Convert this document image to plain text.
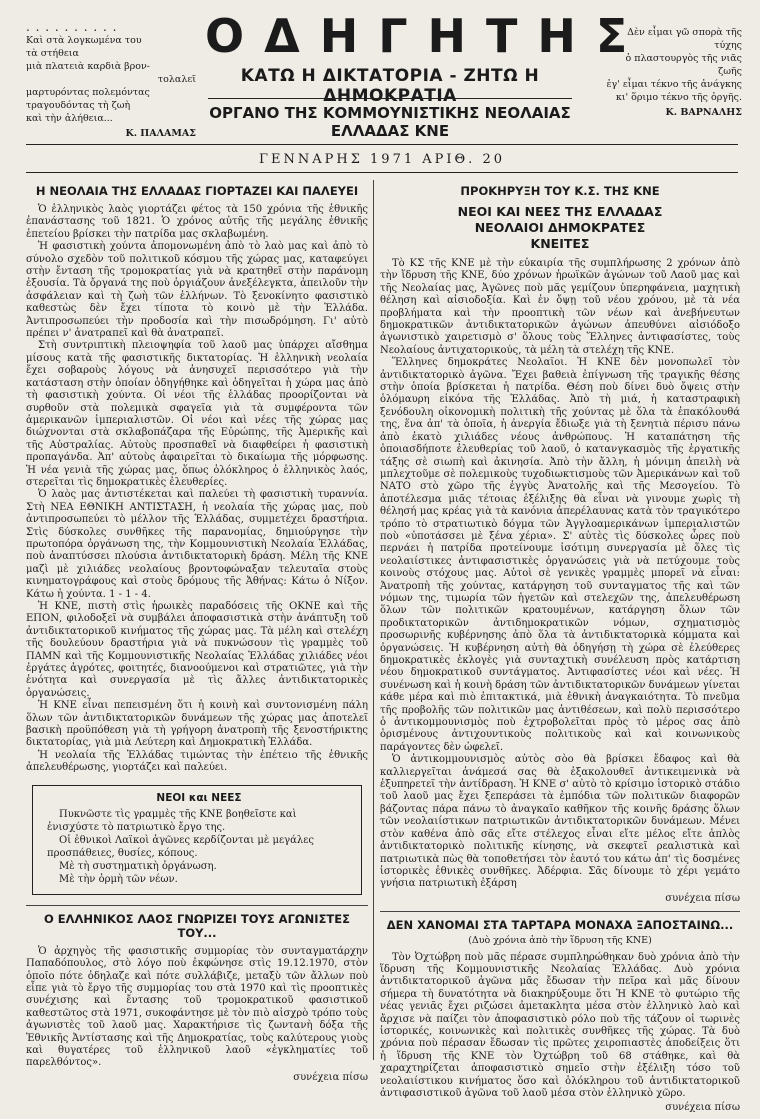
. . . . . . . . . .
Καὶ στὰ λογκωμένα του
τὰ στήθεια
μιὰ πλατειὰ καρδιὰ βρον-
τολαλεῖ
μαρτυρόντας πολεμόντας
τραγουδόντας τὴ ζωὴ
καὶ τὴν ἀλήθεια...
Κ. ΠΑΛΑΜΑΣ
ΟΔΗΓΗΤΗΣ
ΚΑΤΩ Η ΔΙΚΤΑΤΟΡΙΑ - ΖΗΤΩ Η ΔΗΜΟΚΡΑΤΙΑ
ΟΡΓΑΝΟ ΤΗΣ ΚΟΜΜΟΥΝΙΣΤΙΚΗΣ ΝΕΟΛΑΙΑΣ ΕΛΛΑΔΑΣ ΚΝΕ
Δὲν εἶμαι γῶ σπορὰ τῆς
τύχης
ὁ πλαστουργὸς τῆς νιᾶς
ζωῆς
ἐγ' εἶμαι τέκνο τῆς ἀνάγκης
κι' ὅριμο τέκνο τῆς ὀργῆς.
Κ. ΒΑΡΝΑΛΗΣ
ΓΕΝΝΑΡΗΣ 1971 ΑΡΙΘ. 20
Η ΝΕΟΛΑΙΑ ΤΗΣ ΕΛΛΑΔΑΣ ΓΙΟΡΤΑΖΕΙ ΚΑΙ ΠΑΛΕΥΕΙ

Ὁ ἑλληνικὸς λαὸς γιορτάζει φέτος τὰ 150 χρόνια τῆς ἐθνικῆς ἐπανάστασης τοῦ 1821. Ὁ χρόνος αὐτῆς τῆς μεγάλης ἐθνικῆς ἐπετείου βρίσκει τὴν πατρίδα μας σκλαβωμένη.

Ἡ φασιστικὴ χούντα ἀπομονωμένη ἀπὸ τὸ λαὸ μας καὶ ἀπὸ τὸ σύνολο σχεδὸν τοῦ πολιτικοῦ κόσμου τῆς χώρας μας, καταφεύγει στὴν ἔνταση τῆς τρομοκρατίας γιὰ νὰ κρατηθεῖ στὴν παράνομη ἐξουσία. Τὰ ὄργανά της ποὺ ὀργιάζουν ἀνεξέλεγκτα, ἀπειλοῦν τὴν ἀσφάλειαν καὶ τὴ ζωὴ τῶν ἑλλήνων. Τὸ ξενοκίνητο φασιστικὸ καθεστὼς δὲν ἔχει τίποτα τὸ κοινὸ μὲ τὴν Ἑλλάδα. Ἀντιπροσωπεύει τὴν προδοσία καὶ τὴν πισωδρόμηση. Γι' αὐτὸ πρέπει ν' ἀνατραπεῖ καὶ θὰ ἀνατραπεῖ.

Στὴ συντριπτικὴ πλειοψηφία τοῦ λαοῦ μας ὑπάρχει αἴσθημα μίσους κατὰ τῆς φασιστικῆς δικτατορίας. Ἡ ἑλληνικὴ νεολαία ἔχει σοβαροὺς λόγους νὰ ἀνησυχεῖ περισσότερο γιὰ τὴν κατάσταση στὴν ὁποίαν ὁδηγήθηκε καὶ ὁδηγεῖται ἡ χώρα μας ἀπὸ τὴ φασιστικὴ χούντα. Οἱ νέοι τῆς ἑλλάδας προορίζονται νὰ συρθοῦν στὰ πολεμικὰ σφαγεῖα γιὰ τὰ συμφέροντα τῶν ἀμερικανῶν ἰμπεριαλιστῶν. Οἱ νέοι καὶ νέες τῆς χώρας μας διώχνονται στὰ σκλαβοπάζαρα τῆς Εὐρώπης, τῆς Ἀμερικῆς καὶ τῆς Αὐστραλίας. Αὐτοὺς προσπαθεῖ νὰ διαφθείρει ἡ φασιστικὴ προπαγάνδα. Ἀπ' αὐτοὺς ἀφαιρεῖται τὸ δικαίωμα τῆς μόρφωσης. Ἡ νέα γενιὰ τῆς χώρας μας, ὅπως ὁλόκληρος ὁ ἑλληνικὸς λαός, στερεῖται τὶς δημοκρατικὲς ἐλευθερίες.

Ὁ λαὸς μας ἀντιστέκεται καὶ παλεύει τὴ φασιστικὴ τυραννία. Στὴ ΝΕΑ ΕΘΝΙΚΗ ΑΝΤΙΣΤΑΣΗ, ἡ νεολαία τῆς χώρας μας, ποὺ ἀντιπροσωπεύει τὸ μέλλον τῆς Ἑλλάδας, συμμετέχει δραστήρια. Στὶς δύσκολες συνθῆκες τῆς παρανομίας, δημιούργησε τὴν πρωτοπόρα ὀργάνωση της, τὴν Κομμουνιστικὴ Νεολαία Ἑλλάδας, ποὺ ἀναπτύσσει πλούσια ἀντιδικτατορικὴ δράση. Μέλη τῆς ΚΝΕ μαζὶ μὲ χιλιάδες νεολαίους βροντοφώναξαν τελευταῖα στοὺς κινηματογράφους καὶ στοὺς δρόμους τῆς Ἀθήνας: Κάτω ὁ Νίξον. Κάτω ἡ χούντα. 1 - 1 - 4.

Ἡ ΚΝΕ, πιστὴ στὶς ἡρωικὲς παραδόσεις τῆς ΟΚΝΕ καὶ τῆς ΕΠΟΝ, φιλοδοξεῖ νὰ συμβάλει ἀποφασιστικὰ στὴν ἀνάπτυξη τοῦ ἀντιδικτατορικοῦ κινήματος τῆς χώρας μας. Τὰ μέλη καὶ στελέχη τῆς δουλεύουν δραστήρια γιὰ νὰ πυκνώσουν τὶς γραμμὲς τοῦ ΠΑΜΝ καὶ τῆς Κομμουνιστικῆς Νεολαίας Ἑλλάδας χιλιάδες νέοι ἐργάτες ἀγρότες, φοιτητές, διανοούμενοι καὶ στρατιῶτες, γιὰ τὴν ἑνότητα καὶ συνεργασία μὲ τὶς ἄλλες ἀντιδικτατορικὲς ὀργανώσεις.

Ἡ ΚΝΕ εἶναι πεπεισμένη ὅτι ἡ κοινὴ καὶ συντονισμένη πάλη ὅλων τῶν ἀντιδικτατορικῶν δυνάμεων τῆς χώρας μας ἀποτελεῖ βασικὴ προϋπόθεση γιὰ τὴ γρήγορη ἀνατροπὴ τῆς ξενοστήρικτης δικτατορίας, γιὰ μιὰ Λεύτερη καὶ Δημοκρατικὴ Ἑλλάδα.

Ἡ νεολαία τῆς Ἑλλάδας τιμώντας τὴν ἐπέτειο τῆς ἐθνικῆς ἀπελευθέρωσης, γιορτάζει καὶ παλεύει.

ΝΕΟΙ και ΝΕΕΣ
Πυκνῶστε τὶς γραμμὲς τῆς ΚΝΕ βοηθεῖστε καὶ ἐνισχύστε τὸ πατριωτικὸ ἔργο της.
Οἱ ἐθνικοὶ Λαϊκοὶ ἀγῶνες κερδίζονται μὲ μεγάλες προσπάθειες, θυσίες, κόπους.
Μὲ τὴ συστηματικὴ ὀργάνωση.
Μὲ τὴν ὁρμὴ τῶν νέων.
Ο ΕΛΛΗΝΙΚΟΣ ΛΑΟΣ ΓΝΩΡΙΖΕΙ ΤΟΥΣ ΑΓΩΝΙΣΤΕΣ ΤΟΥ...

Ὁ ἀρχηγὸς τῆς φασιστικῆς συμμορίας τὸν συνταγματάρχην Παπαδόπουλος, στὸ λόγο ποὺ ἐκφώνησε στὶς 19.12.1970, στὸν ὁποῖο πότε ὀδηλαζε καὶ πότε συλλάβιζε, μεταξὺ τῶν ἄλλων ποὺ εἶπε γιὰ τὸ ἔργο τῆς συμμορίας του στὰ 1970 καὶ τὶς προοπτικὲς συνέχισης καὶ ἔντασης τοῦ τρομοκρατικοῦ φασιστικοῦ καθεστῶτος στὰ 1971, συκοφάντησε μὲ τὸν πιὸ αἰσχρὸ τρόπο τοὺς ἀγωνιστὲς τοῦ λαοῦ μας. Χαρακτήρισε τὶς ζωντανὴ δόξα τῆς Ἐθνικῆς Ἀντίστασης καὶ τῆς Δημοκρατίας, τοὺς καλύτερους γιοὺς καὶ θυγατέρες τοῦ ἑλληνικοῦ λαοῦ «ἐγκληματίες τοῦ παρελθόντος».

συνέχεια πίσω
ΠΡΟΚΗΡΥΞΗ ΤΟΥ Κ.Σ. ΤΗΣ ΚΝΕ
ΝΕΟΙ ΚΑΙ ΝΕΕΣ ΤΗΣ ΕΛΛΑΔΑΣ
ΝΕΟΛΑΙΟΙ ΔΗΜΟΚΡΑΤΕΣ
ΚΝΕΙΤΕΣ

Τὸ ΚΣ τῆς ΚΝΕ μὲ τὴν εὐκαιρία τῆς συμπλήρωσης 2 χρόνων ἀπὸ τὴν ἵδρυση τῆς ΚΝΕ, δύο χρόνων ἡρωϊκῶν ἀγώνων τοῦ Λαοῦ μας καὶ τῆς Νεολαίας μας, Ἀγῶνες ποὺ μᾶς γεμίζουν ὑπερηφάνεια, μαχητικὴ θέληση καὶ αἰσιοδοξία. Καὶ ἐν ὄψῃ τοῦ νέου χρόνου, μὲ τὰ νέα προβλήματα καὶ τὴν προοπτικὴ τῶν νέων καὶ ἀνεβήνευτων δημοκρατικῶν ἀντιδικτατορικῶν ἀγώνων ἀπευθύνει αἰσιόδοξο ἀγωνιστικὸ χαιρετισμὸ σ' ὅλους τοὺς Ἕλληνες ἀντιφασίστες, τοὺς Νεολαίους ἀντιχατορικούς, τὰ μέλη τὰ στελέχη τῆς ΚΝΕ.

Ἕλληνες δημοκράτες Νεολαῖοι. Ἡ ΚΝΕ δὲν μονοπωλεῖ τὸν ἀντιδικτατορικὸ ἀγῶνα. Ἔχει βαθειὰ ἐπίγνωση τῆς τραγικῆς θέσης στὴν ὁποία βρίσκεται ἡ πατρίδα. Θέση ποὺ δίνει δυὸ ὄψεις στὴν ὁλόμαυρη εἰκόνα τῆς Ἑλλάδας. Ἀπὸ τὴ μιά, ἡ καταστραφικὴ ξενόδουλη οἰκονομικὴ πολιτικὴ τῆς χούντας μὲ ὅλα τὰ ἐπακόλουθά της, ἕνα ἀπ' τὰ ὁποῖα, ἡ ἀνεργία ἔδιωξε γιὰ τὴ ξενητιὰ πέρισυ πάνω ἀπὸ ἑκατὸ χιλιάδες νέους ἀνθρώπους. Ἡ καταπάτηση τῆς ὁποιασδήποτε ἐλευθερίας τοῦ λαοῦ, ὁ κατανγκασμὸς τῆς ἐργατικῆς τάξης σὲ σιωπὴ καὶ ἀκινησία. Ἀπὸ τὴν ἄλλη, ἡ μόνιμη ἀπειλὴ νὰ μπλεχτοῦμε σὲ πολεμικοὺς τυχοδιωκτισμοὺς τῶν Ἀμερικάνων καὶ τοῦ ΝΑΤΟ στὸ χῶρο τῆς ἐγγὺς Ἀνατολῆς καὶ τῆς Μεσογείου. Τὸ ἀποτέλεσμα μιᾶς τέτοιας ἐξέλιξης θὰ εἶναι νὰ γινουμε χωρὶς τὴ θέλησή μας κρέας γιὰ τὰ κανόνια ἀπερέλαυνας κατὰ τὸν τραγικότερο τρόπο τὸ στρατιωτικὸ δόγμα τῶν Ἀγγλοαμερικάνων ἰμπεριαλιστῶν ποὺ «ὑποτάσσει μὲ ξένα χέρια». Σ' αὐτὲς τὶς δύσκολες ὧρες ποὺ περνάει ἡ πατρίδα προτείνουμε ἰσότιμη συνεργασία μὲ ὅλες τὶς νεολαιίστικες ἀντιφασιστικὲς ὀργανώσεις γιὰ νὰ πετύχουμε τοὺς κοινοὺς στόχους μας. Αὐτοὶ σὲ γενικὲς γραμμὲς μπορεῖ νὰ εἶναι: Ἀνατροπὴ τῆς χούντας, κατάργηση τοῦ συνταγματος τῆς καὶ τῶν νόμων της, τιμωρία τῶν ἡγετῶν καὶ στελεχῶν της, ἀπελευθέρωση ὅλων τῶν πολιτικῶν κρατουμένων, κατάργηση ὅλων τῶν προδικτατορικῶν ἀντιδημοκρατικῶν νόμων, σχηματισμὸς προσωρινῆς κυβέρνησης ἀπὸ ὅλα τὰ ἀντιδικτατορικὰ κόμματα καὶ ὀργανώσεις. Ἡ κυβέρνηση αὐτὴ θὰ ὁδηγήσῃ τὴ χώρα σὲ ἐλεύθερες δημοκρατικὲς ἐκλογὲς γιὰ συνταχτικὴ συνέλευση πρὸς κατάρτιση νέου δημοκρατικοῦ συντάγματος. Ἀντιφασίστες νέοι καὶ νέες. Ἡ συνένωση καὶ ἡ κοινὴ δράση τῶν ἀντιδικτατορικῶν δυνάμεων γίνεται κάθε μέρα καὶ πιὸ ἐπιτακτικά, μιὰ ἐθνικὴ ἀναγκαιότητα. Τὸ πνεῦμα τῆς προβολῆς τῶν πολιτικῶν μας ἀντιθέσεων, καὶ πολὺ περισσότερο ὁ ἀντικομμουνισμὸς ποὺ ἐχτροβολεῖται πρὸς τὸ μέρος σας ἀπὸ ὁρισμένους ἀντιχουντικοὺς πολιτικοὺς καὶ καὶ κοινωνικοὺς παράγοντες δὲν ὠφελεῖ.

Ὁ ἀντικομμουνισμὸς αὐτὸς σὸο θὰ βρίσκει ἔδαφος καὶ θὰ καλλιεργεῖται ἀνάμεσά σας θὰ ἐξακολουθεῖ ἀντικειμενικὰ νὰ ἐξυπηρετεῖ τὴν ἀντίδραση. Ἡ ΚΝΕ σ' αὐτὸ τὸ κρίσιμο ἱστορικὸ στάδιο τοῦ λαοῦ μας ἔχει ξεπεράσει τὰ ἐμπόδια τῶν πολιτικῶν διαφορῶν βάζοντας πάρα πάνω τὸ ἀναγκαῖο καθῆκον τῆς κοινῆς δράσης ὅλων τῶν νεολαιίστικων πατριωτικῶν ἀντιδικτατορικῶν δυνάμεων. Μένει στὸν καθένα ἀπὸ σᾶς εἴτε στέλεχος εἶναι εἴτε μέλος εἴτε ἁπλὸς ἀντιδικτατορικὸ πολιτικῆς κίνησης, νὰ σκεφτεῖ ρεαλιστικὰ καὶ πατριωτικὰ πὼς θὰ τοποθετήσει τὸν ἑαυτό του κάτω ἀπ' τὶς δοσμένες ἱστορικὲς ἐθνικὲς συνθῆκες. Ἀδέρφια. Σᾶς δίνουμε τὸ χέρι γεμάτο γνήσια πατριωτικὴ ἐξάρση

συνέχεια πίσω
ΔΕΝ ΧΑΝΟΜΑΙ ΣΤΑ ΤΑΡΤΑΡΑ ΜΟΝΑΧΑ ΞΑΠΟΣΤΑΙΝΩ...
(Δυὸ χρόνια ἀπὸ τὴν ἵδρυση τῆς ΚΝΕ)

Τὸν Ὀχτώβρη ποὺ μᾶς πέρασε συμπληρώθηκαν δυὸ χρόνια ἀπὸ τὴν ἵδρυση τῆς Κομμουνιστικῆς Νεολαίας Ἑλλάδας. Δυὸ χρόνια ἀντιδικτατορικοῦ ἀγῶνα μᾶς ἔδωσαν τὴν πεῖρα καὶ μᾶς δίνουν σήμερα τὴ δυνατότητα νὰ διακηρύξουμε ὅτι Ἡ ΚΝΕ τὸ φυτώριο τῆς νέας γενιᾶς ἔχει ριζώσει ἀμετακλητα μέσα στὸν ἑλληνικὸ λαὸ καὶ ἄρχισε νὰ παίζει τὸν ἀποφασιστικὸ ρόλο ποὺ τῆς τάζουν οἱ τωρινὲς ἱστορικές, κοινωνικὲς καὶ πολιτικὲς συνθῆκες τῆς χώρας. Τὰ δυὸ χρόνια ποὺ πέρασαν ἔδωσαν τὶς πρῶτες χειροπιαστὲς ἀποδείξεις ὅτι ἡ ἵδρυση τῆς ΚΝΕ τὸν Ὀχτώβρη τοῦ 68 στάθηκε, καὶ θὰ χαραχτηρίζεται ἀποφασιστικὸ σημεῖο στὴν ἐξέλιξη τόσο τοῦ νεολαιίστικου κινήματος ὅσο καὶ ὁλόκληρου τοῦ ἀντιδικτατορικοῦ ἀντιφασιστικοῦ ἀγῶνα τοῦ λαοῦ μέσα στὸν ἑλληνικὸ χῶρο.

συνέχεια πίσω
